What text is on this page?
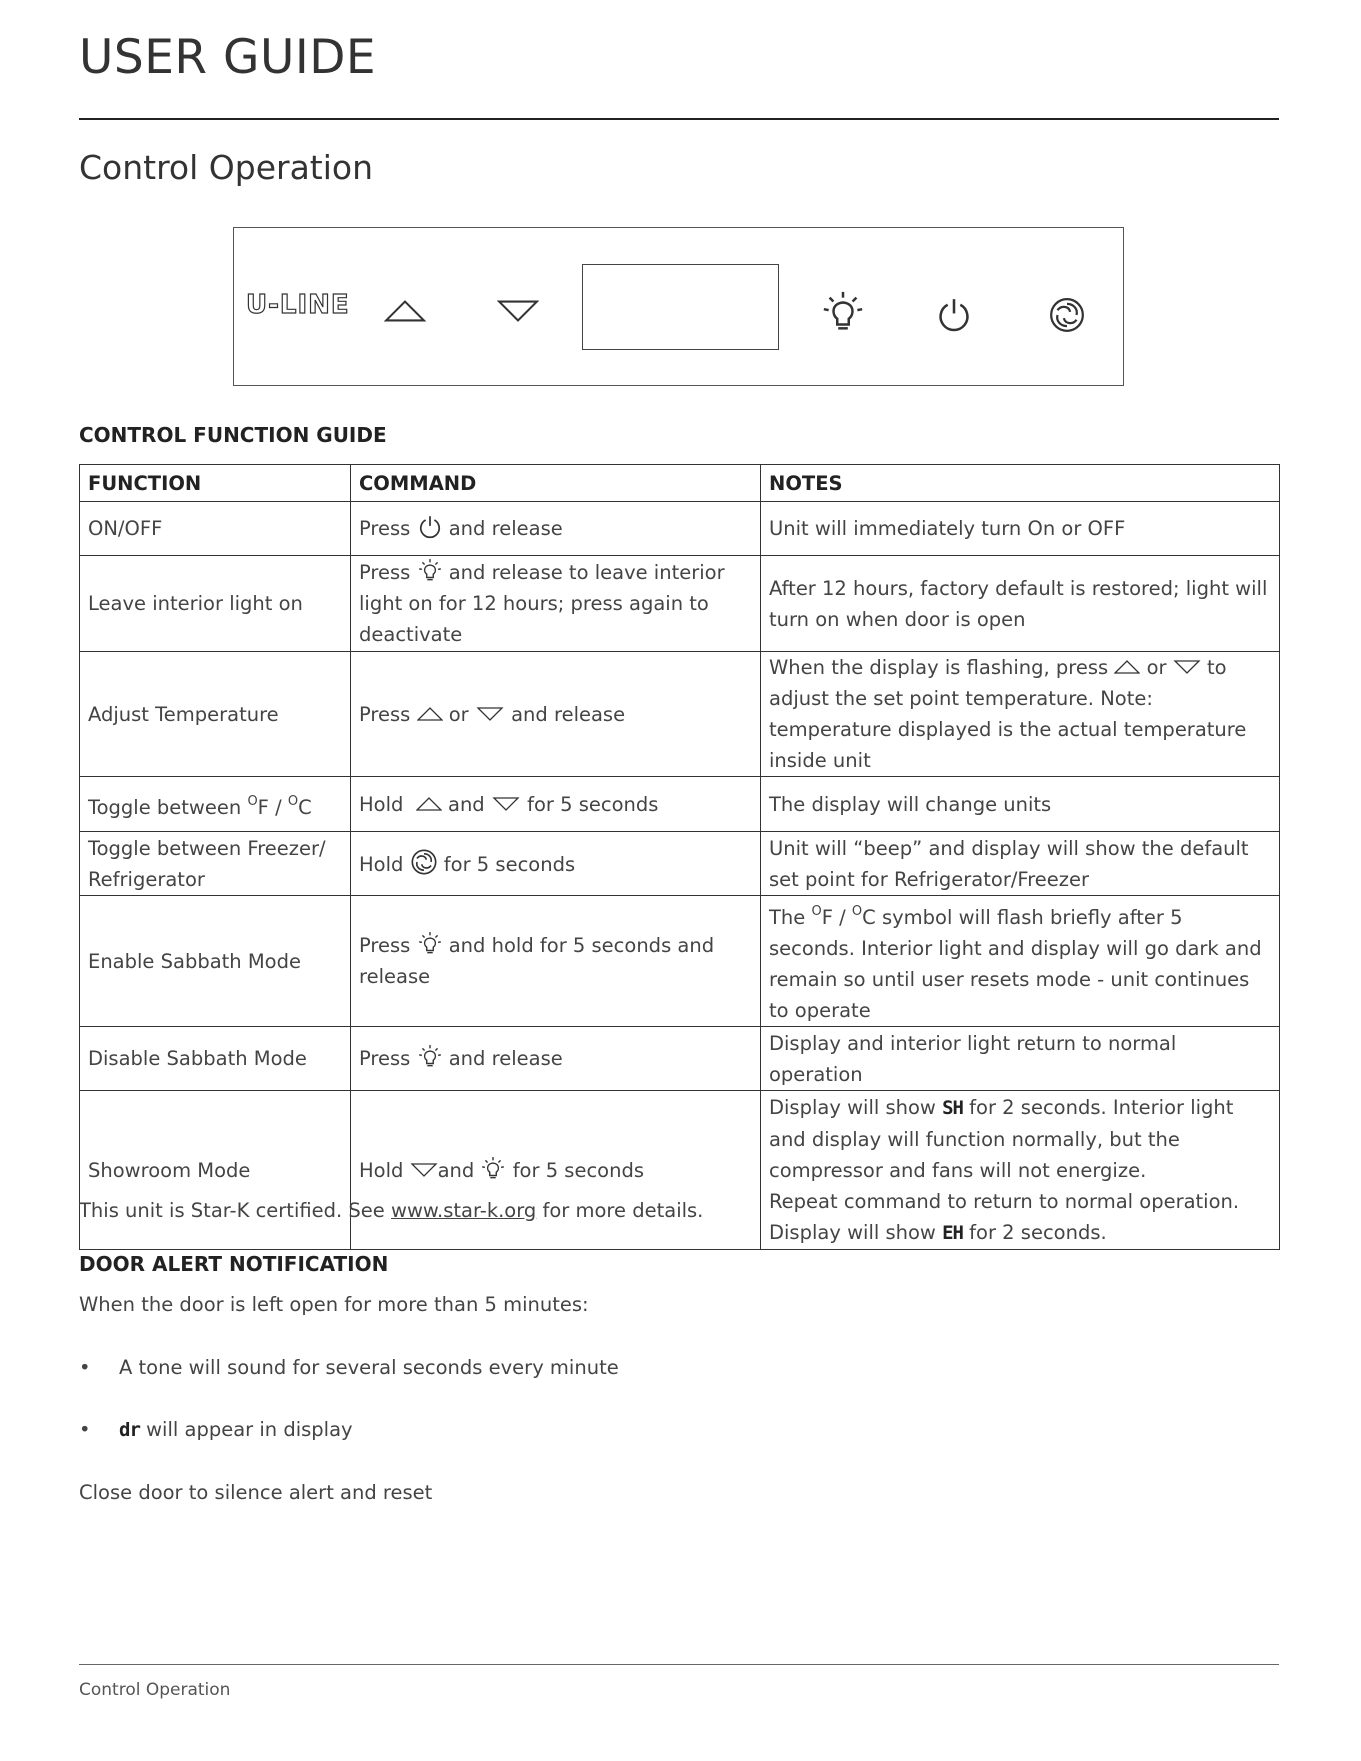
USER GUIDE
Control Operation
U-LINE
CONTROL FUNCTION GUIDE
FUNCTION	COMMAND	NOTES
ON/OFF	Press and release	Unit will immediately turn On or OFF
Leave interior light on	Press and release to leave interior light on for 12 hours; press again to deactivate	After 12 hours, factory default is restored; light will turn on when door is open
Adjust Temperature	Press or and release	When the display is flashing, press or to adjust the set point temperature. Note: temperature displayed is the actual temperature inside unit
Toggle between $^O$F / $^O$C	Hold and for 5 seconds	The display will change units
Toggle between Freezer/ Refrigerator	Hold for 5 seconds	Unit will “beep” and display will show the default set point for Refrigerator/Freezer
Enable Sabbath Mode	Press and hold for 5 seconds and release	The $^O$F / $^O$C symbol will flash briefly after 5 seconds. Interior light and display will go dark and remain so until user resets mode - unit continues to operate
Disable Sabbath Mode	Press and release	Display and interior light return to normal operation
Showroom Mode	Hold and for 5 seconds	Display will show SH for 2 seconds. Interior light and display will function normally, but the compressor and fans will not energize.
Repeat command to return to normal operation.
Display will show EH for 2 seconds.

This unit is Star-K certified. See www.star-k.org for more details.

DOOR ALERT NOTIFICATION

When the door is left open for more than 5 minutes:

• A tone will sound for several seconds every minute
• dr will appear in display

Close door to silence alert and reset

Control Operation
